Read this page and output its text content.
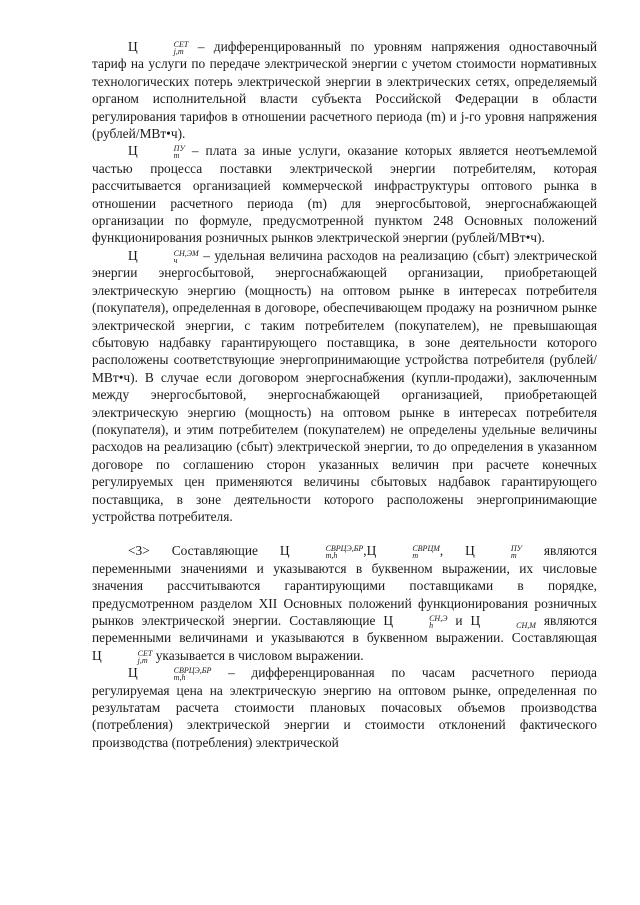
Ц	СЕТ
j,m – дифференцированный по уровням напряжения одноставочный тариф на услуги по передаче электрической энергии с учетом стоимости нормативных технологических потерь электрической энергии в электрических сетях, определяемый органом исполнительной власти субъекта Российской Федерации в области регулирования тарифов в отношении расчетного периода (m) и j-го уровня напряжения (рублей/МВт•ч).

Ц	ПУ
m – плата за иные услуги, оказание которых является неотъемлемой частью процесса поставки электрической энергии потребителям, которая рассчитывается организацией коммерческой инфраструктуры оптового рынка в отношении расчетного периода (m) для энергосбытовой, энергоснабжающей организации по формуле, предусмотренной пунктом 248 Основных положений функционирования розничных рынков электрической энергии (рублей/МВт•ч).

Ц	СН,ЭМ
ч	– удельная величина расходов на реализацию (сбыт) электрической энергии энергосбытовой, энергоснабжающей организации, приобретающей электрическую энергию (мощность) на оптовом рынке в интересах потребителя (покупателя), определенная в договоре, обеспечивающем продажу на розничном рынке электрической энергии, с таким потребителем (покупателем), не превышающая сбытовую надбавку гарантирующего поставщика, в зоне деятельности которого расположены соответствующие энергопринимающие устройства потребителя (рублей/МВт•ч). В случае если договором энергоснабжения (купли-продажи), заключенным между энергосбытовой, энергоснабжающей организацией, приобретающей электрическую энергию (мощность) на оптовом рынке в интересах потребителя (покупателя), и этим потребителем (покупателем) не определены удельные величины расходов на реализацию (сбыт) электрической энергии, то до определения в указанном договоре по соглашению сторон указанных величин при расчете конечных регулируемых цен применяются величины сбытовых надбавок гарантирующего поставщика, в зоне деятельности которого расположены энергопринимающие устройства потребителя.

<3> Составляющие Ц	СВРЦЭ,БР
m,h	,Ц	СВРЦМ
m	, Ц	ПУ
m являются переменными значениями и указываются в буквенном выражении, их числовые значения рассчитываются гарантирующими поставщиками в порядке, предусмотренном разделом XII Основных положений функционирования розничных рынков электрической энергии. Составляющие Ц	СН,Э
h	и Ц	СН,М являются переменными величинами и указываются в буквенном выражении. Составляющая Ц	СЕТ
j,m указывается в числовом выражении.

Ц	СВРЦЭ,БР
m,h	– дифференцированная по часам расчетного периода регулируемая цена на электрическую энергию на оптовом рынке, определенная по результатам расчета стоимости плановых почасовых объемов производства (потребления) электрической энергии и стоимости отклонений фактического производства (потребления) электрической
